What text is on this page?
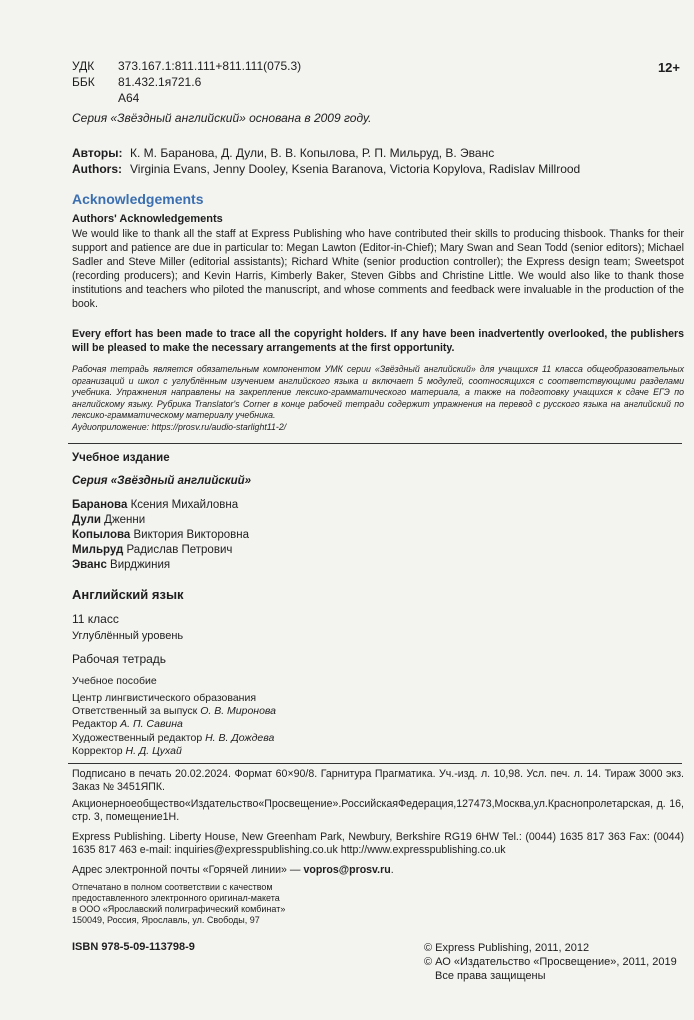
УДК	373.167.1:811.111+811.111(075.3)
ББК	81.432.1я721.6
А64
12+
Серия «Звёздный английский» основана в 2009 году.
Авторы: К. М. Баранова, Д. Дули, В. В. Копылова, Р. П. Мильруд, В. Эванс
Authors: Virginia Evans, Jenny Dooley, Ksenia Baranova, Victoria Kopylova, Radislav Millrood
Acknowledgements
Authors' Acknowledgements
We would like to thank all the staff at Express Publishing who have contributed their skills to producing thisbook. Thanks for their support and patience are due in particular to: Megan Lawton (Editor-in-Chief); Mary Swan and Sean Todd (senior editors); Michael Sadler and Steve Miller (editorial assistants); Richard White (senior production controller); the Express design team; Sweetspot (recording producers); and Kevin Harris, Kimberly Baker, Steven Gibbs and Christine Little. We would also like to thank those institutions and teachers who piloted the manuscript, and whose comments and feedback were invaluable in the production of the book.
Every effort has been made to trace all the copyright holders. If any have been inadvertently overlooked, the publishers will be pleased to make the necessary arrangements at the first opportunity.
Рабочая тетрадь является обязательным компонентом УМК серии «Звёздный английский» для учащихся 11 класса общеобразовательных организаций и школ с углублённым изучением английского языка и включает 5 модулей, соотносящихся с соответствующими разделами учебника. Упражнения направлены на закрепление лексико-грамматического материала, а также на подготовку учащихся к сдаче ЕГЭ по английскому языку. Рубрика Translator's Corner в конце рабочей тетради содержит упражнения на перевод с русского языка на английский по лексико-грамматическому материалу учебника.
Аудиоприложение: https://prosv.ru/audio-starlight11-2/
Учебное издание
Серия «Звёздный английский»
Баранова Ксения Михайловна
Дули Дженни
Копылова Виктория Викторовна
Мильруд Радислав Петрович
Эванс Вирджиния
Английский язык
11 класс
Углублённый уровень
Рабочая тетрадь
Учебное пособие
Центр лингвистического образования
Ответственный за выпуск О. В. Миронова
Редактор А. П. Савина
Художественный редактор Н. В. Дождева
Корректор Н. Д. Цухай
Подписано в печать 20.02.2024. Формат 60×90/8. Гарнитура Прагматика. Уч.-изд. л. 10,98. Усл. печ. л. 14. Тираж 3000 экз. Заказ № 3451ЯПК.
Акционерноеобщество«Издательство«Просвещение».РоссийскаяФедерация,127473,Москва,ул.Краснопролетарская, д. 16, стр. 3, помещение1Н.
Express Publishing. Liberty House, New Greenham Park, Newbury, Berkshire RG19 6HW Tel.: (0044) 1635 817 363 Fax: (0044) 1635 817 463 e-mail: inquiries@expresspublishing.co.uk http://www.expresspublishing.co.uk
Адрес электронной почты «Горячей линии» — vopros@prosv.ru.
Отпечатано в полном соответствии с качеством
предоставленного электронного оригинал-макета
в ООО «Ярославский полиграфический комбинат»
150049, Россия, Ярославль, ул. Свободы, 97
ISBN 978-5-09-113798-9	© Express Publishing, 2011, 2012
© АО «Издательство «Просвещение», 2011, 2019
Все права защищены
